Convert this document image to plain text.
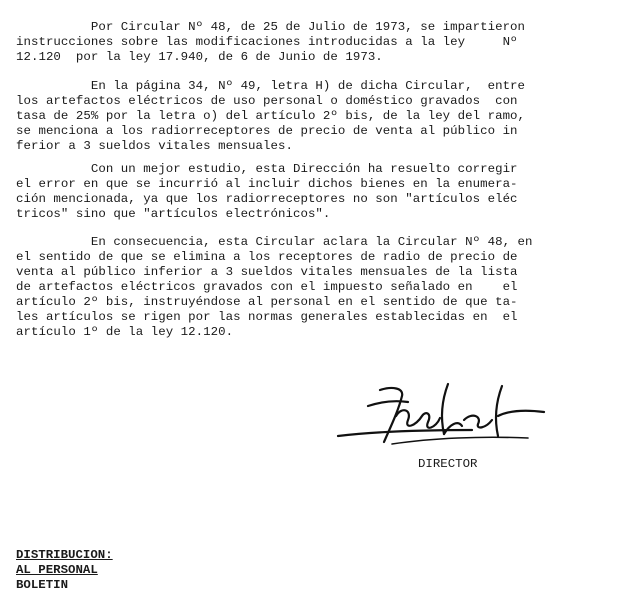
Por Circular Nº 48, de 25 de Julio de 1973, se impartieron
instrucciones sobre las modificaciones introducidas a la ley     Nº
12.120  por la ley 17.940, de 6 de Junio de 1973.
En la página 34, Nº 49, letra H) de dicha Circular,  entre
los artefactos eléctricos de uso personal o doméstico gravados  con
tasa de 25% por la letra o) del artículo 2º bis, de la ley del ramo,
se menciona a los radiorreceptores de precio de venta al público in
ferior a 3 sueldos vitales mensuales.
Con un mejor estudio, esta Dirección ha resuelto corregir
el error en que se incurrió al incluir dichos bienes en la enumera-
ción mencionada, ya que los radiorreceptores no son "artículos eléc
tricos" sino que "artículos electrónicos".
En consecuencia, esta Circular aclara la Circular Nº 48, en
el sentido de que se elimina a los receptores de radio de precio de
venta al público inferior a 3 sueldos vitales mensuales de la lista
de artefactos eléctricos gravados con el impuesto señalado en    el
artículo 2º bis, instruyéndose al personal en el sentido de que ta-
les artículos se rigen por las normas generales establecidas en  el
artículo 1º de la ley 12.120.
DIRECTOR
DISTRIBUCION:
AL PERSONAL
BOLETIN
